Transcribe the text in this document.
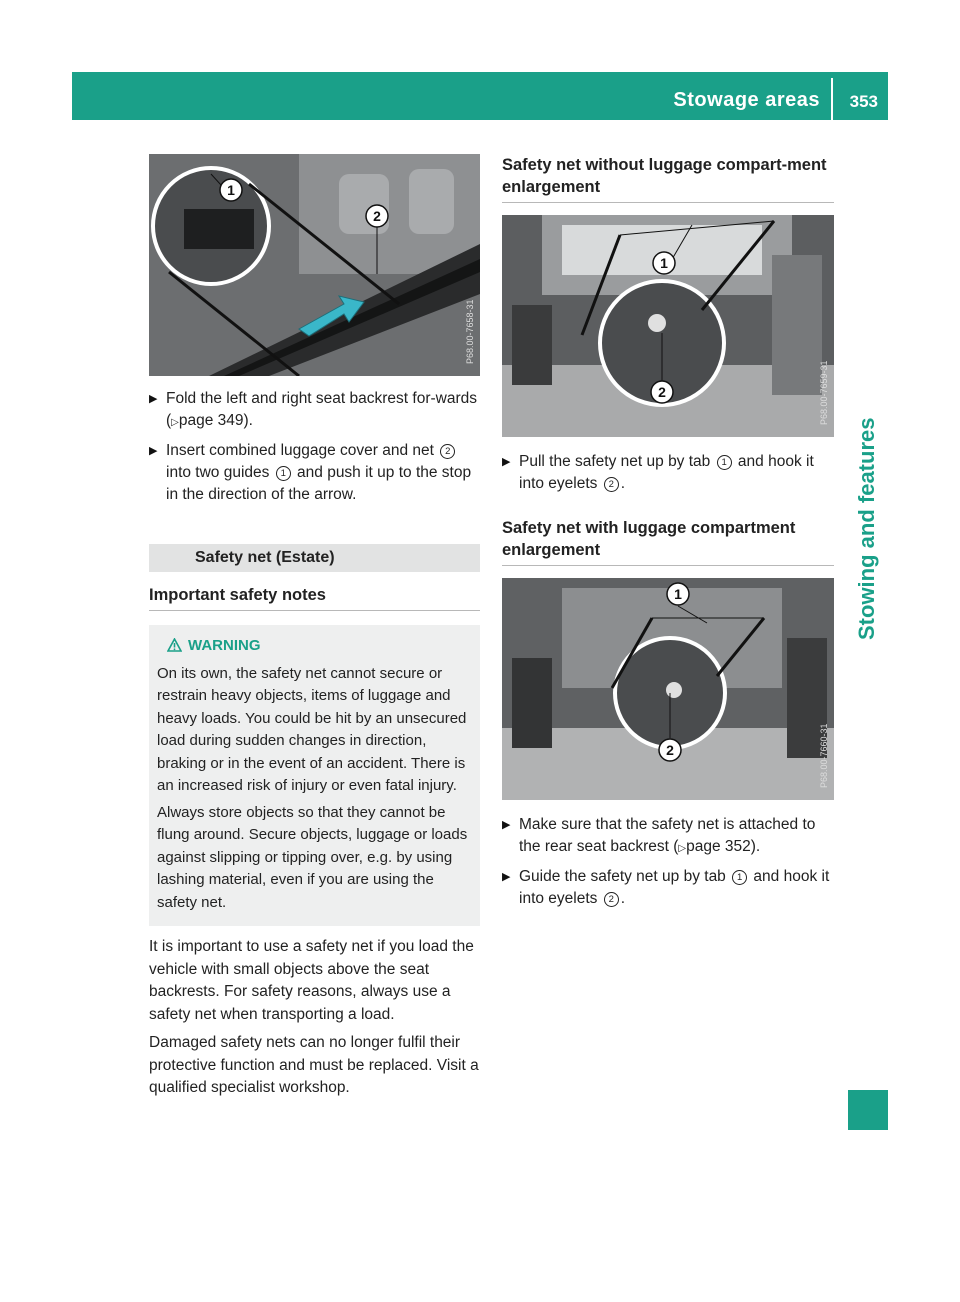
Stowage areas 353
Stowing and features
1
2
P68.00-7658-31
▶ Fold the left and right seat backrest for-wards (▷page 349).
▶ Insert combined luggage cover and net 2 into two guides 1 and push it up to the stop in the direction of the arrow.
Safety net (Estate)
Important safety notes
WARNING

On its own, the safety net cannot secure or restrain heavy objects, items of luggage and heavy loads. You could be hit by an unsecured load during sudden changes in direction, braking or in the event of an accident. There is an increased risk of injury or even fatal injury.

Always store objects so that they cannot be flung around. Secure objects, luggage or loads against slipping or tipping over, e.g. by using lashing material, even if you are using the safety net.

It is important to use a safety net if you load the vehicle with small objects above the seat backrests. For safety reasons, always use a safety net when transporting a load.

Damaged safety nets can no longer fulfil their protective function and must be replaced. Visit a qualified specialist workshop.

Safety net without luggage compart-ment enlargement
1
2	P68.00-7659-31
▶ Pull the safety net up by tab 1 and hook it into eyelets 2 .
Safety net with luggage compartment enlargement
1
2	P68.00-7660-31
▶ Make sure that the safety net is attached to the rear seat backrest (▷page 352).
▶ Guide the safety net up by tab 1 and hook it into eyelets 2 .
